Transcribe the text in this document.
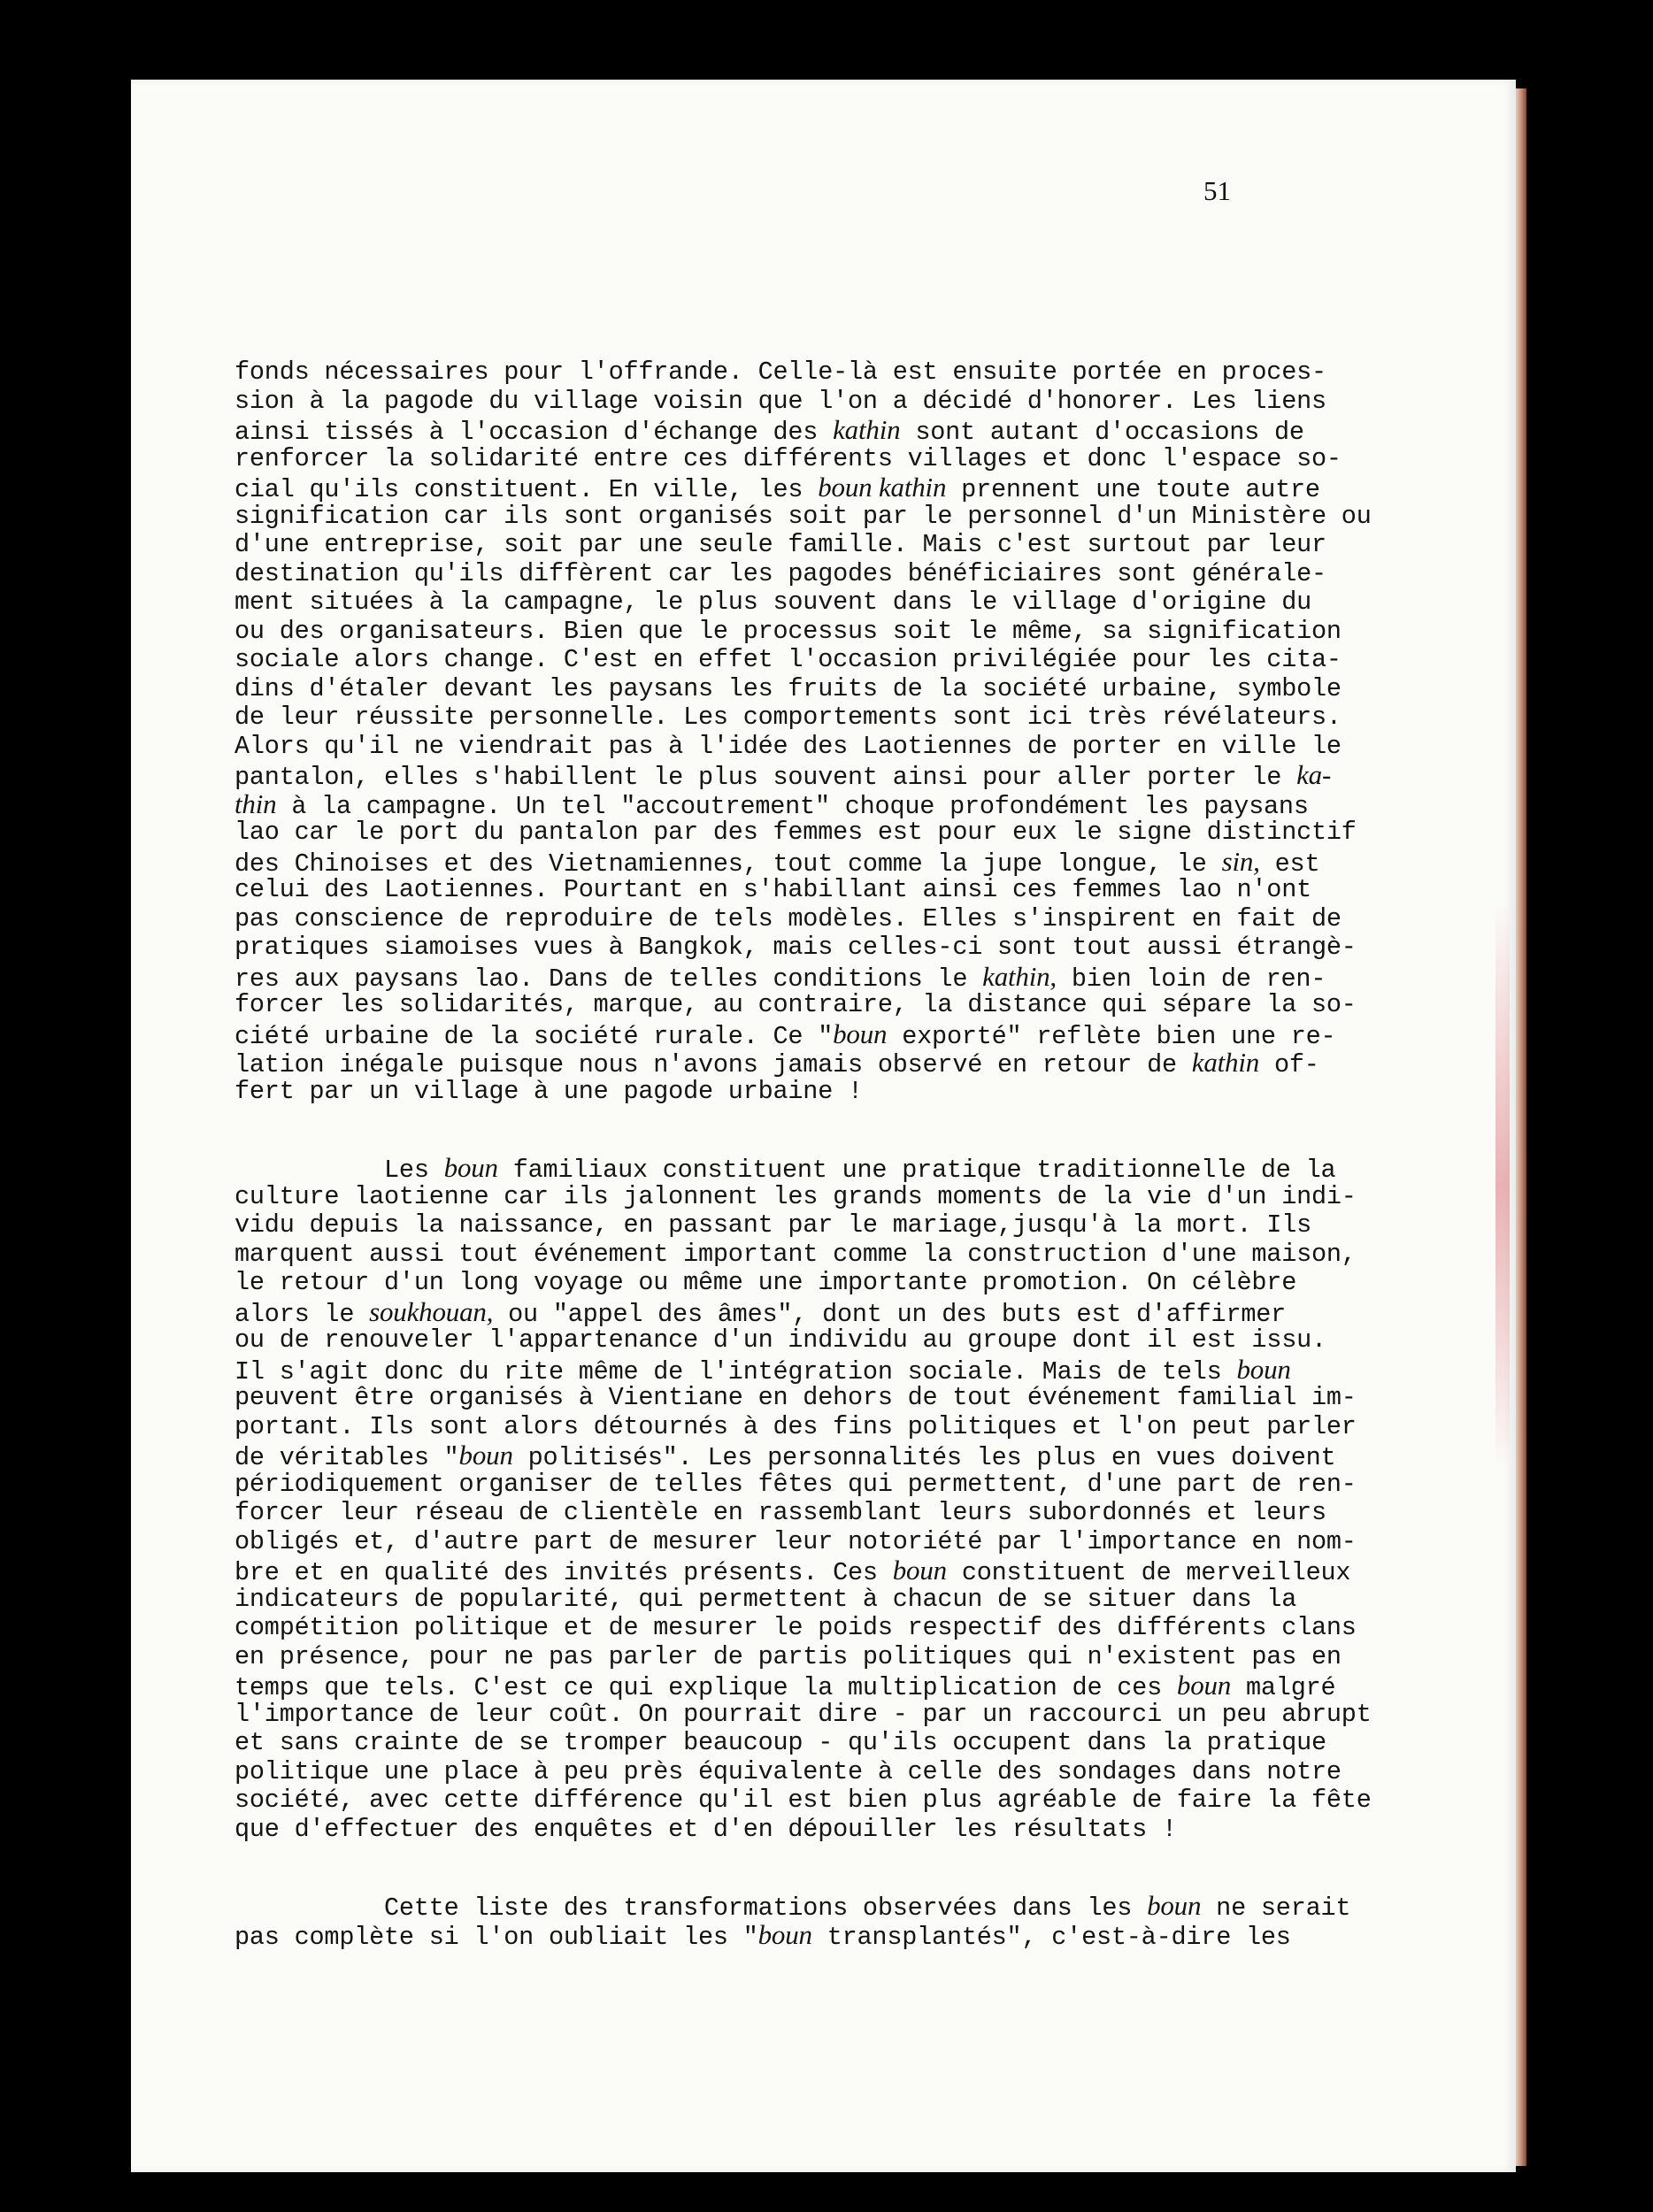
51
fonds nécessaires pour l'offrande. Celle-là est ensuite portée en proces-
sion à la pagode du village voisin que l'on a décidé d'honorer. Les liens
ainsi tissés à l'occasion d'échange des kathin sont autant d'occasions de
renforcer la solidarité entre ces différents villages et donc l'espace so-
cial qu'ils constituent. En ville, les boun kathin prennent une toute autre
signification car ils sont organisés soit par le personnel d'un Ministère ou
d'une entreprise, soit par une seule famille. Mais c'est surtout par leur
destination qu'ils diffèrent car les pagodes bénéficiaires sont générale-
ment situées à la campagne, le plus souvent dans le village d'origine du
ou des organisateurs. Bien que le processus soit le même, sa signification
sociale alors change. C'est en effet l'occasion privilégiée pour les cita-
dins d'étaler devant les paysans les fruits de la société urbaine, symbole
de leur réussite personnelle. Les comportements sont ici très révélateurs.
Alors qu'il ne viendrait pas à l'idée des Laotiennes de porter en ville le
pantalon, elles s'habillent le plus souvent ainsi pour aller porter le ka-
thin à la campagne. Un tel "accoutrement" choque profondément les paysans
lao car le port du pantalon par des femmes est pour eux le signe distinctif
des Chinoises et des Vietnamiennes, tout comme la jupe longue, le sin, est
celui des Laotiennes. Pourtant en s'habillant ainsi ces femmes lao n'ont
pas conscience de reproduire de tels modèles. Elles s'inspirent en fait de
pratiques siamoises vues à Bangkok, mais celles-ci sont tout aussi étrangè-
res aux paysans lao. Dans de telles conditions le kathin, bien loin de ren-
forcer les solidarités, marque, au contraire, la distance qui sépare la so-
ciété urbaine de la société rurale. Ce "boun exporté" reflète bien une re-
lation inégale puisque nous n'avons jamais observé en retour de kathin of-
fert par un village à une pagode urbaine !
Les boun familiaux constituent une pratique traditionnelle de la
culture laotienne car ils jalonnent les grands moments de la vie d'un indi-
vidu depuis la naissance, en passant par le mariage,jusqu'à la mort. Ils
marquent aussi tout événement important comme la construction d'une maison,
le retour d'un long voyage ou même une importante promotion. On célèbre
alors le soukhouan, ou "appel des âmes", dont un des buts est d'affirmer
ou de renouveler l'appartenance d'un individu au groupe dont il est issu.
Il s'agit donc du rite même de l'intégration sociale. Mais de tels boun
peuvent être organisés à Vientiane en dehors de tout événement familial im-
portant. Ils sont alors détournés à des fins politiques et l'on peut parler
de véritables "boun politisés". Les personnalités les plus en vues doivent
périodiquement organiser de telles fêtes qui permettent, d'une part de ren-
forcer leur réseau de clientèle en rassemblant leurs subordonnés et leurs
obligés et, d'autre part de mesurer leur notoriété par l'importance en nom-
bre et en qualité des invités présents. Ces boun constituent de merveilleux
indicateurs de popularité, qui permettent à chacun de se situer dans la
compétition politique et de mesurer le poids respectif des différents clans
en présence, pour ne pas parler de partis politiques qui n'existent pas en
temps que tels. C'est ce qui explique la multiplication de ces boun malgré
l'importance de leur coût. On pourrait dire - par un raccourci un peu abrupt
et sans crainte de se tromper beaucoup - qu'ils occupent dans la pratique
politique une place à peu près équivalente à celle des sondages dans notre
société, avec cette différence qu'il est bien plus agréable de faire la fête
que d'effectuer des enquêtes et d'en dépouiller les résultats !
Cette liste des transformations observées dans les boun ne serait
pas complète si l'on oubliait les "boun transplantés", c'est-à-dire les
